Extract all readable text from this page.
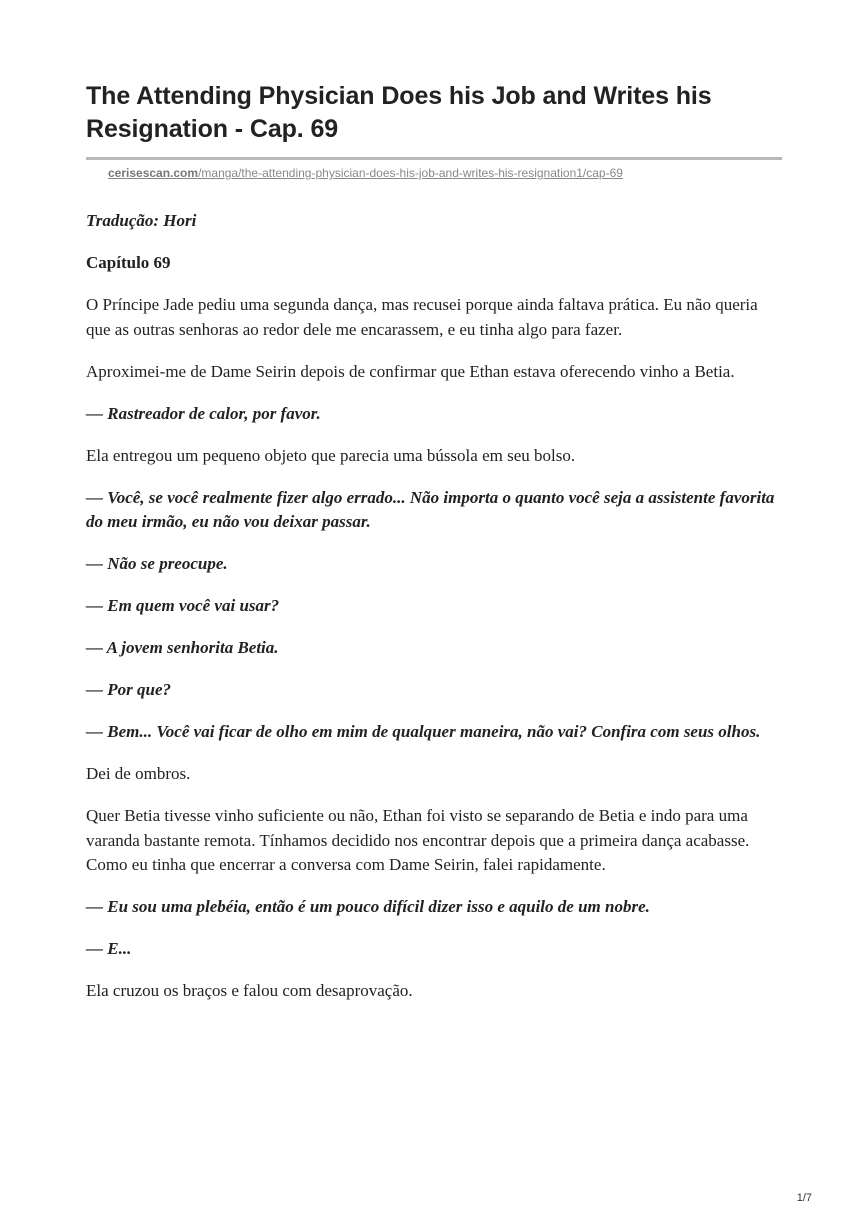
The Attending Physician Does his Job and Writes his Resignation - Cap. 69
cerisescan.com/manga/the-attending-physician-does-his-job-and-writes-his-resignation1/cap-69

Tradução: Hori

Capítulo 69

O Príncipe Jade pediu uma segunda dança, mas recusei porque ainda faltava prática. Eu não queria que as outras senhoras ao redor dele me encarassem, e eu tinha algo para fazer.

Aproximei-me de Dame Seirin depois de confirmar que Ethan estava oferecendo vinho a Betia.

— Rastreador de calor, por favor.

Ela entregou um pequeno objeto que parecia uma bússola em seu bolso.

— Você, se você realmente fizer algo errado... Não importa o quanto você seja a assistente favorita do meu irmão, eu não vou deixar passar.

— Não se preocupe.

— Em quem você vai usar?

— A jovem senhorita Betia.

— Por que?

— Bem... Você vai ficar de olho em mim de qualquer maneira, não vai? Confira com seus olhos.

Dei de ombros.

Quer Betia tivesse vinho suficiente ou não, Ethan foi visto se separando de Betia e indo para uma varanda bastante remota. Tínhamos decidido nos encontrar depois que a primeira dança acabasse. Como eu tinha que encerrar a conversa com Dame Seirin, falei rapidamente.

— Eu sou uma plebéia, então é um pouco difícil dizer isso e aquilo de um nobre.

— E...

Ela cruzou os braços e falou com desaprovação.

1/7
